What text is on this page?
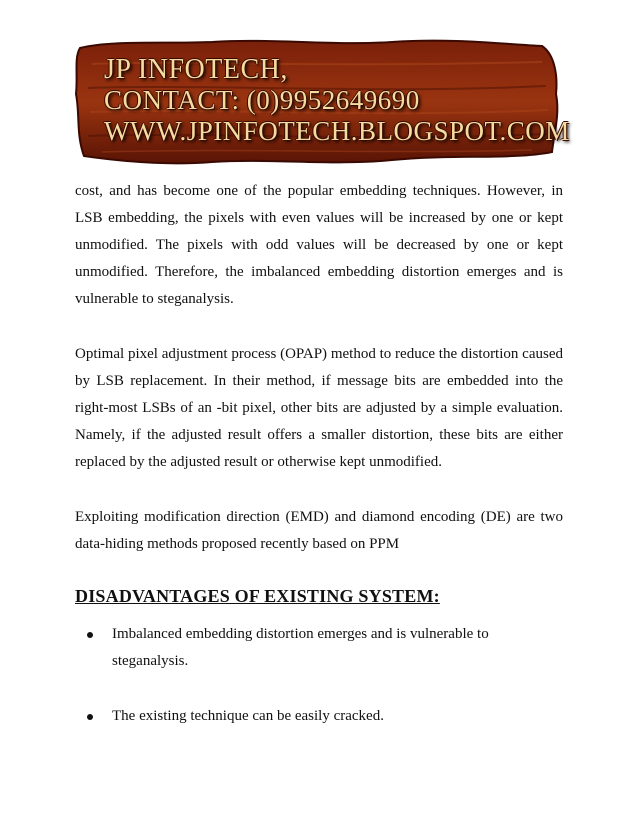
JP INFOTECH,
CONTACT: (0)9952649690
WWW.JPINFOTECH.BLOGSPOT.COM

cost, and has become one of the popular embedding techniques. However, in LSB embedding, the pixels with even values will be increased by one or kept unmodified. The pixels with odd values will be decreased by one or kept unmodified. Therefore, the imbalanced embedding distortion emerges and is vulnerable to steganalysis.

Optimal pixel adjustment process (OPAP) method to reduce the distortion caused by LSB replacement. In their method, if message bits are embedded into the right-most LSBs of an -bit pixel, other bits are adjusted by a simple evaluation. Namely, if the adjusted result offers a smaller distortion, these bits are either replaced by the adjusted result or otherwise kept unmodified.

Exploiting modification direction (EMD) and diamond encoding (DE) are two data-hiding methods proposed recently based on PPM

DISADVANTAGES OF EXISTING SYSTEM:
Imbalanced embedding distortion emerges and is vulnerable to steganalysis.
The existing technique can be easily cracked.
